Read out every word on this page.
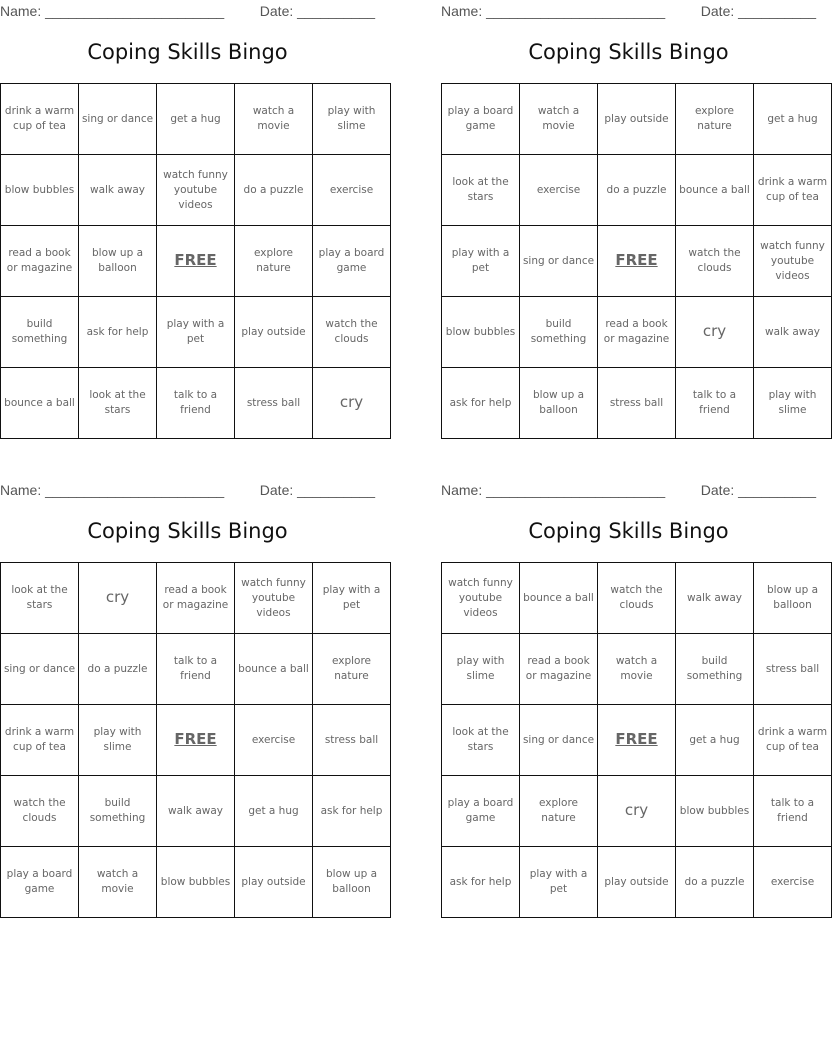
Name: _______________________	Date: __________
Coping Skills Bingo
drink a warm cup of tea	sing or dance	get a hug	watch a movie	play with slime
blow bubbles	walk away	watch funny youtube videos	do a puzzle	exercise
read a book or magazine	blow up a balloon	FREE	explore nature	play a board game
build something	ask for help	play with a pet	play outside	watch the clouds
bounce a ball	look at the stars	talk to a friend	stress ball	cry
Name: _______________________	Date: __________
Coping Skills Bingo
play a board game	watch a movie	play outside	explore nature	get a hug
look at the stars	exercise	do a puzzle	bounce a ball	drink a warm cup of tea
play with a pet	sing or dance	FREE	watch the clouds	watch funny youtube videos
blow bubbles	build something	read a book or magazine	cry	walk away
ask for help	blow up a balloon	stress ball	talk to a friend	play with slime
Name: _______________________	Date: __________
Coping Skills Bingo
look at the stars	cry	read a book or magazine	watch funny youtube videos	play with a pet
sing or dance	do a puzzle	talk to a friend	bounce a ball	explore nature
drink a warm cup of tea	play with slime	FREE	exercise	stress ball
watch the clouds	build something	walk away	get a hug	ask for help
play a board game	watch a movie	blow bubbles	play outside	blow up a balloon
Name: _______________________	Date: __________
Coping Skills Bingo
watch funny youtube videos	bounce a ball	watch the clouds	walk away	blow up a balloon
play with slime	read a book or magazine	watch a movie	build something	stress ball
look at the stars	sing or dance	FREE	get a hug	drink a warm cup of tea
play a board game	explore nature	cry	blow bubbles	talk to a friend
ask for help	play with a pet	play outside	do a puzzle	exercise
